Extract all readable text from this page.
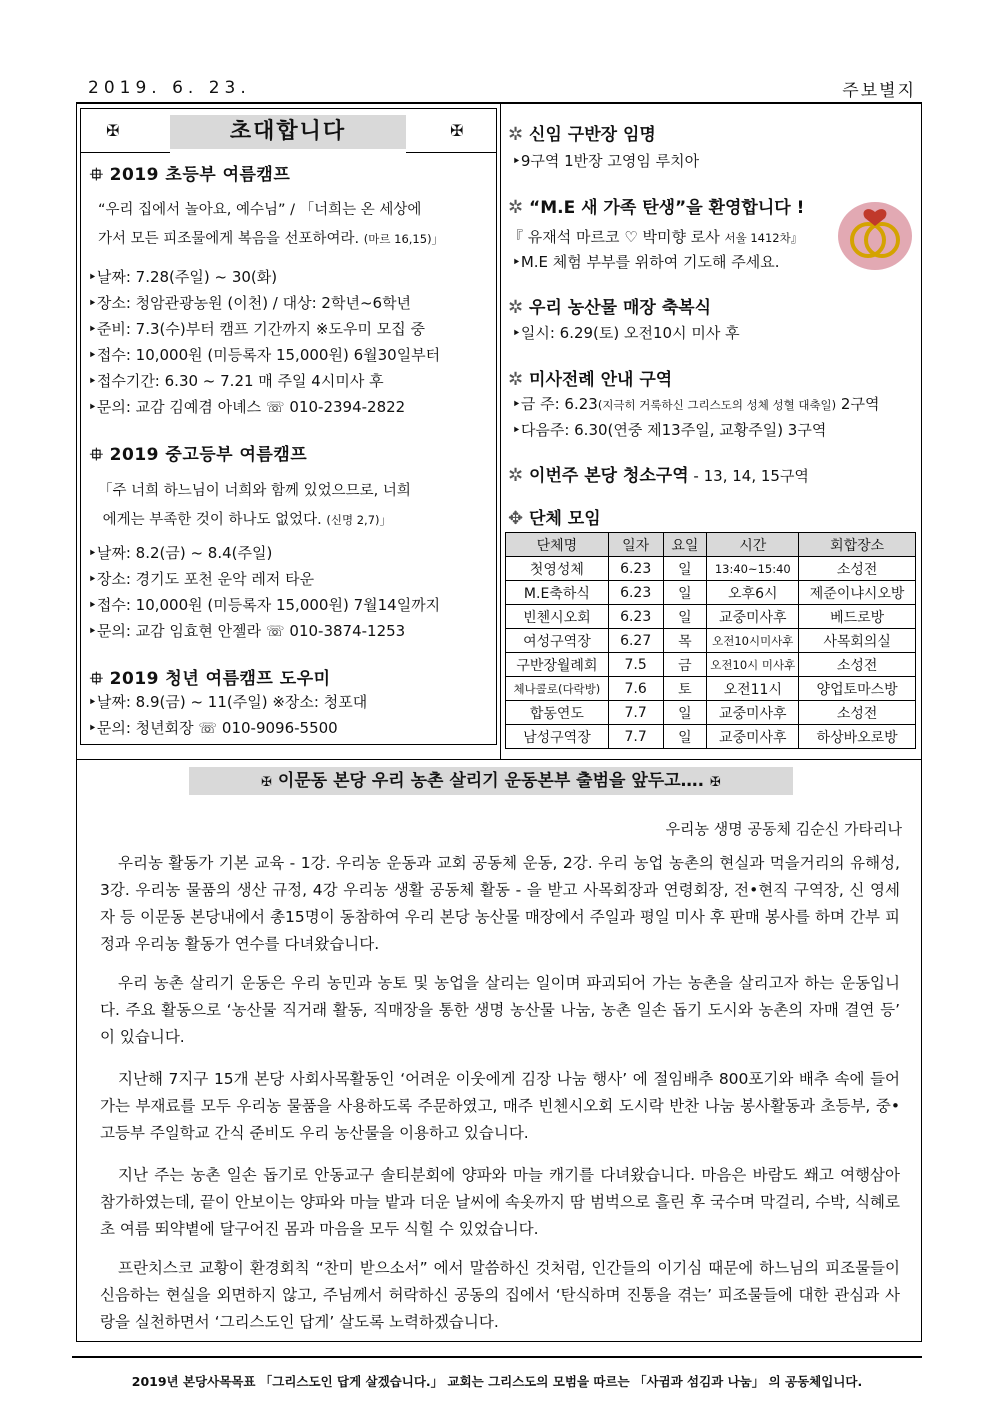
2019. 6. 23.	주보별지
✠	초대합니다	✠
⯐ 2019 초등부 여름캠프
“우리 집에서 놀아요, 예수님” / 「너희는 온 세상에
가서 모든 피조물에게 복음을 선포하여라. (마르 16,15)」
‣날짜: 7.28(주일) ~ 30(화)
‣장소: 청암관광농원 (이천) / 대상: 2학년~6학년
‣준비: 7.3(수)부터 캠프 기간까지 ※도우미 모집 중
‣접수: 10,000원 (미등록자 15,000원) 6월30일부터
‣접수기간: 6.30 ~ 7.21 매 주일 4시미사 후
‣문의: 교감 김예겸 아녜스 ☏ 010-2394-2822
⯐ 2019 중고등부 여름캠프
「주 너희 하느님이 너희와 함께 있었으므로, 너희
에게는 부족한 것이 하나도 없었다. (신명 2,7)」
‣날짜: 8.2(금) ~ 8.4(주일)
‣장소: 경기도 포천 운악 레저 타운
‣접수: 10,000원 (미등록자 15,000원) 7월14일까지
‣문의: 교감 임효현 안젤라 ☏ 010-3874-1253
⯐ 2019 청년 여름캠프 도우미
‣날짜: 8.9(금) ~ 11(주일) ※장소: 청포대
‣문의: 청년회장 ☏ 010-9096-5500
✲ 신임 구반장 임명
‣9구역 1반장 고영임 루치아
✲ “M.E 새 가족 탄생”을 환영합니다 !
『 유재석 마르코 ♡ 박미향 로사 서울 1412차』
‣M.E 체험 부부를 위하여 기도해 주세요.
✲ 우리 농산물 매장 축복식
‣일시: 6.29(토) 오전10시 미사 후
✲ 미사전례 안내 구역
‣금 주: 6.23(지극히 거룩하신 그리스도의 성체 성혈 대축일) 2구역
‣다음주: 6.30(연중 제13주일, 교황주일) 3구역
✲ 이번주 본당 청소구역 - 13, 14, 15구역
✥ 단체 모임
단체명	일자	요일	시간	회합장소
첫영성체	6.23	일	13:40~15:40	소성전
M.E축하식	6.23	일	오후6시	제준이냐시오방
빈첸시오회	6.23	일	교중미사후	베드로방
여성구역장	6.27	목	오전10시미사후	사목회의실
구반장월례회	7.5	금	오전10시 미사후	소성전
체나콜로(다락방)	7.6	토	오전11시	양업토마스방
합동연도	7.7	일	교중미사후	소성전
남성구역장	7.7	일	교중미사후	하상바오로방
✠ 이문동 본당 우리 농촌 살리기 운동본부 출범을 앞두고…. ✠
우리농 생명 공동체 김순신 가타리나
우리농 활동가 기본 교육 - 1강. 우리농 운동과 교회 공동체 운동, 2강. 우리 농업 농촌의 현실과 먹을거리의 유해성, 3강. 우리농 물품의 생산 규정, 4강 우리농 생활 공동체 활동 - 을 받고 사목회장과 연령회장, 전•현직 구역장, 신 영세자 등 이문동 본당내에서 총15명이 동참하여 우리 본당 농산물 매장에서 주일과 평일 미사 후 판매 봉사를 하며 간부 피정과 우리농 활동가 연수를 다녀왔습니다.
우리 농촌 살리기 운동은 우리 농민과 농토 및 농업을 살리는 일이며 파괴되어 가는 농촌을 살리고자 하는 운동입니다. 주요 활동으로 ‘농산물 직거래 활동, 직매장을 통한 생명 농산물 나눔, 농촌 일손 돕기 도시와 농촌의 자매 결연 등’ 이 있습니다.
지난해 7지구 15개 본당 사회사목활동인 ‘어려운 이웃에게 김장 나눔 행사’ 에 절임배추 800포기와 배추 속에 들어가는 부재료를 모두 우리농 물품을 사용하도록 주문하였고, 매주 빈첸시오회 도시락 반찬 나눔 봉사활동과 초등부, 중•고등부 주일학교 간식 준비도 우리 농산물을 이용하고 있습니다.
지난 주는 농촌 일손 돕기로 안동교구 솔티분회에 양파와 마늘 캐기를 다녀왔습니다. 마음은 바람도 쐐고 여행삼아 참가하였는데, 끝이 안보이는 양파와 마늘 밭과 더운 날씨에 속옷까지 땀 범벅으로 흘린 후 국수며 막걸리, 수박, 식혜로 초 여름 뙤약볕에 달구어진 몸과 마음을 모두 식힐 수 있었습니다.
프란치스코 교황이 환경회칙 “찬미 받으소서” 에서 말씀하신 것처럼, 인간들의 이기심 때문에 하느님의 피조물들이 신음하는 현실을 외면하지 않고, 주님께서 허락하신 공동의 집에서 ‘탄식하며 진통을 겪는’ 피조물들에 대한 관심과 사랑을 실천하면서 ‘그리스도인 답게’ 살도록 노력하겠습니다.
2019년 본당사목목표 「그리스도인 답게 살겠습니다.」 교회는 그리스도의 모범을 따르는 「사귐과 섬김과 나눔」 의 공동체입니다.
